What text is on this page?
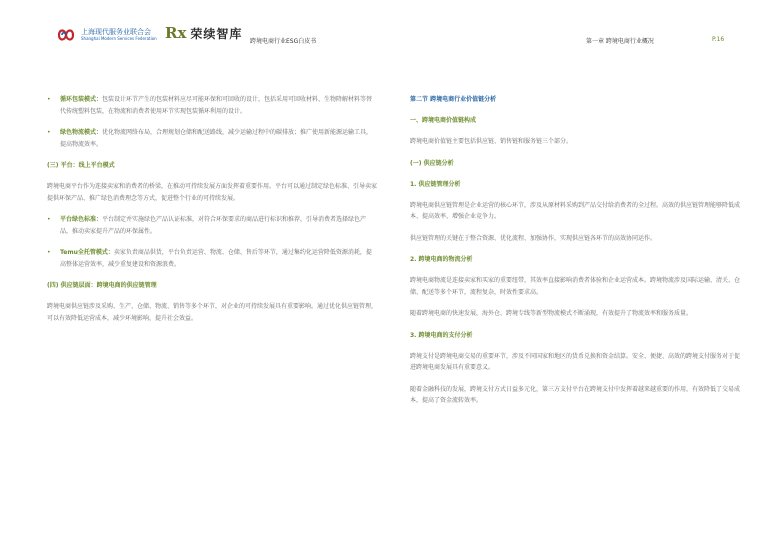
上海现代服务业联合会
Shanghai Modern Services Federation Rx 荣续智库
跨境电商行业ESG白皮书	第一章 跨境电商行业概况	P.16
• 循环包装模式：包装设计环节产生的包装材料应尽可能环保和可回收的设计，包括采用可回收材料、生物降解材料等替代传统塑料包装，在物流和消费者使用环节实现包装循环利用的设计。
• 绿色物流模式：优化物流网络布局，合理规划仓储和配送路线，减少运输过程中的碳排放；推广使用新能源运输工具，提高物流效率。
(三) 平台：线上平台模式
跨境电商平台作为连接卖家和消费者的桥梁，在推动可持续发展方面发挥着重要作用。平台可以通过制定绿色标准、引导卖家提供环保产品、推广绿色消费理念等方式，促进整个行业的可持续发展。
• 平台绿色标准：平台制定并实施绿色产品认证标准，对符合环保要求的商品进行标识和推荐，引导消费者选择绿色产品，推动卖家提升产品的环保属性。
• Temu全托管模式：卖家负责商品供货，平台负责运营、物流、仓储、售后等环节，通过集约化运营降低资源消耗，提高整体运营效率，减少重复建设和资源浪费。
(四) 供应链层面：跨境电商的供应链管理
跨境电商供应链涉及采购、生产、仓储、物流、销售等多个环节，对企业的可持续发展具有重要影响。通过优化供应链管理，可以有效降低运营成本，减少环境影响，提升社会效益。
第二节 跨境电商行业价值链分析
一、跨境电商价值链构成
跨境电商价值链主要包括供应链、销售链和服务链三个部分。
(一) 供应链分析
1. 供应链管理分析
跨境电商供应链管理是企业运营的核心环节，涉及从原材料采购到产品交付给消费者的全过程。高效的供应链管理能够降低成本、提高效率、增强企业竞争力。
供应链管理的关键在于整合资源、优化流程、加强协作，实现供应链各环节的高效协同运作。
2. 跨境电商的物流分析
跨境电商物流是连接卖家和买家的重要纽带，其效率直接影响消费者体验和企业运营成本。跨境物流涉及国际运输、清关、仓储、配送等多个环节，流程复杂，时效性要求高。
随着跨境电商的快速发展，海外仓、跨境专线等新型物流模式不断涌现，有效提升了物流效率和服务质量。
3. 跨境电商的支付分析
跨境支付是跨境电商交易的重要环节，涉及不同国家和地区的货币兑换和资金结算。安全、便捷、高效的跨境支付服务对于促进跨境电商发展具有重要意义。
随着金融科技的发展，跨境支付方式日益多元化，第三方支付平台在跨境支付中发挥着越来越重要的作用，有效降低了交易成本，提高了资金流转效率。
